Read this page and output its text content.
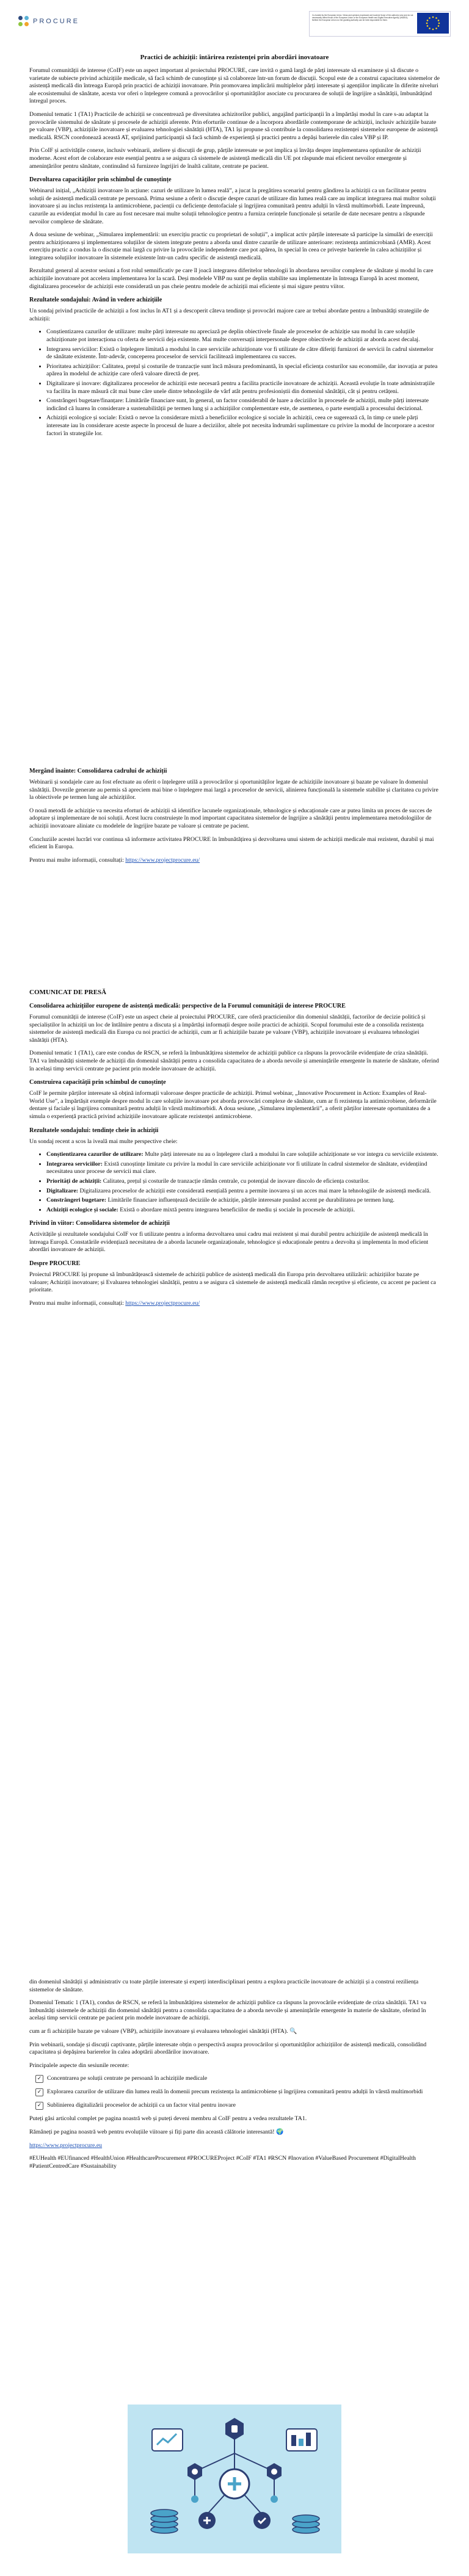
PROCURE
Co-funded by the European Union. Views and opinions expressed are however those of the author(s) only and do not necessarily reflect those of the European Union or the European Health and Digital Executive Agency (HaDEA). Neither the European Union nor the granting authority can be held responsible for them.
Practici de achiziții: întărirea rezistenței prin abordări inovatoare

Forumul comunității de interese (CoIF) este un aspect important al proiectului PROCURE, care invită o gamă largă de părți interesate să examineze și să discute o varietate de subiecte privind achizițiile medicale, să facă schimb de cunoștințe și să colaboreze într-un forum de discuții. Scopul este de a construi capacitatea sistemelor de asistență medicală din întreaga Europă prin practici de achiziții inovatoare. Prin promovarea implicării multiplelor părți interesate și agențiilor implicate în diferite niveluri ale ecosistemului de sănătate, acesta vor oferi o înțelegere comună a provocărilor și oportunităților asociate cu procurarea de soluții de îngrijire a sănătății, îmbunătățind întregul proces.

Domeniul tematic 1 (TA1) Practicile de achiziții se concentrează pe diversitatea achizitorilor publici, angajând participanții în a împărtăși modul în care s-au adaptat la provocările sistemului de sănătate și procesele de achiziții aferente. Prin eforturile continue de a încorpora abordările contemporane de achiziții, inclusiv achizițiile bazate pe valoare (VBP), achizițiile inovatoare și evaluarea tehnologiei sănătății (HTA), TA1 își propune să contribuie la consolidarea rezistenței sistemelor europene de asistență medicală. RSCN coordonează această AT, sprijinind participanții să facă schimb de experiență și practici pentru a depăși barierele din calea VBP și IP.

Prin CoIF și activitățile conexe, inclusiv webinarii, ateliere și discuții de grup, părțile interesate se pot implica și învăța despre implementarea opțiunilor de achiziții moderne. Acest efort de colaborare este esențial pentru a se asigura că sistemele de asistență medicală din UE pot răspunde mai eficient nevoilor emergente și amenințărilor pentru sănătate, continuând să furnizeze îngrijiri de înaltă calitate, centrate pe pacient.

Dezvoltarea capacităților prin schimbul de cunoștințe

Webinarul inițial, „Achiziții inovatoare în acțiune: cazuri de utilizare în lumea reală”, a jucat la pregătirea scenariul pentru gândirea la achiziții ca un facilitator pentru soluții de asistență medicală centrate pe persoană. Prima sesiune a oferit o discuție despre cazuri de utilizare din lumea reală care au implicat integrarea mai multor soluții inovatoare și au inclus rezistența la antimicrobiene, pacienții cu deficiențe dentofaciale și îngrijirea comunitară pentru adulții în vârstă multimorbidi. Leate împreună, cazurile au evidențiat modul în care au fost necesare mai multe soluții tehnologice pentru a furniza cerințele funcționale și setarile de date necesare pentru a răspunde nevoilor complexe de sănătate.

A doua sesiune de webinar, „Simularea implementării: un exercițiu practic cu proprietari de soluții”, a implicat activ părțile interesate să participe la simulări de exerciții pentru achiziționarea și implementarea soluțiilor de sistem integrate pentru a aborda unul dintre cazurile de utilizare anterioare: rezistența antimicrobiană (AMR). Acest exercițiu practic a condus la o discuție mai largă cu privire la provocările independente care pot apărea, în special în ceea ce privește barierele în calea achizițiilor și integrarea soluțiilor inovatoare în sistemele existente într-un cadru specific de asistență medicală.

Rezultatul general al acestor sesiuni a fost rolul semnificativ pe care îl joacă integrarea diferitelor tehnologii în abordarea nevoilor complexe de sănătate și modul în care achizițiile inovatoare pot accelera implementarea lor la scară. Deși modelele VBP nu sunt pe deplin stabilite sau implementate în întreaga Europă în acest moment, digitalizarea proceselor de achiziții este considerată un pas cheie pentru modele de achiziții mai eficiente și mai sigure pentru viitor.

Rezultatele sondajului: Având în vedere achizițiile

Un sondaj privind practicile de achiziții a fost inclus în AT1 și a descoperit câteva tendințe și provocări majore care ar trebui abordate pentru a îmbunătăți strategiile de achiziții:

• Conștientizarea cazurilor de utilizare: multe părți interesate nu apreciază pe deplin obiectivele finale ale proceselor de achiziție sau modul în care soluțiile achiziționate pot interacționa cu oferta de servicii deja existente. Mai multe conversații interpersonale despre obiectivele de achiziții ar aborda acest decalaj.
• Integrarea serviciilor: Există o înțelegere limitată a modului în care serviciile achiziționate vor fi utilizate de către diferiți furnizori de servicii în cadrul sistemelor de sănătate existente. Într-adevăr, conceperea proceselor de servicii facilitează implementarea cu succes.
• Prioritatea achizițiilor: Calitatea, prețul și costurile de tranzacție sunt încă măsura predominantă, în special eficiența costurilor sau economiile, dar inovația ar putea apărea în modelul de achiziție care oferă valoare directă de preț.
• Digitalizare și inovare: digitalizarea proceselor de achiziții este necesară pentru a facilita practicile inovatoare de achiziții. Această evoluție în toate administrațiile va facilita în mare măsură cât mai bune căre unele dintre tehnologiile de vârf atât pentru profesioniștii din domeniul sănătății, cât și pentru cetățeni.
• Constrângeri bugetare/finanțare: Limitările financiare sunt, în general, un factor considerabil de luare a deciziilor în procesele de achiziții, multe părți interesate indicând că luarea în considerare a sustenabilității pe termen lung și a achizițiilor complementare este, de asemenea, o parte esențială a procesului decizional.
• Achiziții ecologice și sociale: Există o nevoe la considerare mixtă a beneficiilor ecologice și sociale în achiziții, ceea ce sugerează că, în timp ce unele părți interesate iau în considerare aceste aspecte în procesul de luare a deciziilor, altele pot necesita îndrumări suplimentare cu privire la modul de încorporare a acestor factori în strategiile lor.
Mergând înainte: Consolidarea cadrului de achiziții

Webinarii și sondajele care au fost efectuate au oferit o înțelegere utilă a provocărilor și oportunităților legate de achizițiile inovatoare și bazate pe valoare în domeniul sănătății. Dovezile generate au permis să apreciem mai bine o înțelegere mai largă a proceselor de servicii, alinierea funcțională la sistemele stabilite și claritatea cu privire la obiectivele pe termen lung ale achizițiilor.

O nouă metodă de achiziție va necesita eforturi de achiziții să identifice lacunele organizaționale, tehnologice și educaționale care ar putea limita un proces de succes de adoptare și implementare de noi soluții. Acest lucru construiește în mod important capacitatea sistemelor de îngrijire a sănătății pentru implementarea metodologiilor de achiziții inovatoare aliniate cu modelele de îngrijire bazate pe valoare și centrate pe pacient.

Concluziile acestei lucrări vor continua să informeze activitatea PROCURE în îmbunătățirea și dezvoltarea unui sistem de achiziții medicale mai rezistent, durabil și mai eficient în Europa.

Pentru mai multe informații, consultați: https://www.projectprocure.eu/

COMUNICAT DE PRESĂ
Consolidarea achizițiilor europene de asistență medicală: perspective de la Forumul comunității de interese PROCURE

Forumul comunității de interese (CoIF) este un aspect cheie al proiectului PROCURE, care oferă practicienilor din domeniul sănătății, factorilor de decizie politică și specialiștilor în achiziții un loc de întâlnire pentru a discuta și a împărtăși informații despre noile practici de achiziții. Scopul forumului este de a consolida rezistența sistemelor de asistență medicală din Europa cu noi practici de achiziții, cum ar fi achizițiile bazate pe valoare (VBP), achizițiile inovatoare și evaluarea tehnologiei sănătății (HTA).

Domeniul tematic 1 (TA1), care este condus de RSCN, se referă la îmbunătățirea sistemelor de achiziții publice ca răspuns la provocările evidențiate de criza sănătății. TA1 va îmbunătăți sistemele de achiziții din domeniul sănătății pentru a consolida capacitatea de a aborda nevoile și amenințările emergente în materie de sănătate, oferind în același timp servicii centrate pe pacient prin modele inovatoare de achiziții.

Construirea capacității prin schimbul de cunoștințe

CoIF le permite părților interesate să obțină informații valoroase despre practicile de achiziții. Primul webinar, „Innovative Procurement in Action: Examples of Real-World Use”, a împărtășit exemple despre modul în care soluțiile inovatoare pot aborda provocări complexe de sănătate, cum ar fi rezistența la antimicrobiene, deformările dentare și faciale și îngrijirea comunitară pentru adulții în vârstă multimorbidi. A doua sesiune, „Simularea implementării”, a oferit părților interesate oportunitatea de a simula o experiență practică privind achizițiile inovatoare aplicate rezistenței antimicrobiene.

Rezultatele sondajului: tendințe cheie în achiziții

Un sondaj recent a scos la iveală mai multe perspective cheie:

• Conștientizarea cazurilor de utilizare: Multe părți interesate nu au o înțelegere clară a modului în care soluțiile achiziționate se vor integra cu serviciile existente.
• Integrarea serviciilor: Există cunoștințe limitate cu privire la modul în care serviciile achiziționate vor fi utilizate în cadrul sistemelor de sănătate, evidențiind necesitatea unor procese de servicii mai clare.
• Priorități de achiziții: Calitatea, prețul și costurile de tranzacție rămân centrale, cu potențial de inovare dincolo de eficiența costurilor.
• Digitalizare: Digitalizarea proceselor de achiziții este considerată esențială pentru a permite inovarea și un acces mai mare la tehnologiile de asistență medicală.
• Constrângeri bugetare: Limitările financiare influențează deciziile de achiziție, părțile interesate punând accent pe durabilitatea pe termen lung.
• Achiziții ecologice și sociale: Există o abordare mixtă pentru integrarea beneficiilor de mediu și sociale în procesele de achiziții.
Privind în viitor: Consolidarea sistemelor de achiziții

Activitățile și rezultatele sondajului CoIF vor fi utilizate pentru a informa dezvoltarea unui cadru mai rezistent și mai durabil pentru achizițiile de asistență medicală în întreaga Europă. Constatările evidențiază necesitatea de a aborda lacunele organizaționale, tehnologice și educaționale pentru a dezvolta și implementa în mod eficient abordări inovatoare de achiziții.

Despre PROCURE

Proiectul PROCURE își propune să îmbunătățească sistemele de achiziții publice de asistență medicală din Europa prin dezvoltarea utilizării: achizițiilor bazate pe valoare; Achiziții inovatoare; și Evaluarea tehnologiei sănătății, pentru a se asigura că sistemele de asistență medicală rămân receptive și eficiente, cu accent pe pacient ca prioritate.

Pentru mai multe informații, consultați: https://www.projectprocure.eu/

din domeniul sănătății și administrativ cu toate părțile interesate și experți interdisciplinari pentru a explora practicile inovatoare de achiziții și a construi reziliența sistemelor de sănătate.

Domeniul Tematic 1 (TA1), condus de RSCN, se referă la îmbunătățirea sistemelor de achiziții publice ca răspuns la provocările evidențiate de criza sănătății. TA1 va îmbunătăți sistemele de achiziții din domeniul sănătății pentru a consolida capacitatea de a aborda nevoile și amenințările emergente în materie de sănătate, oferind în același timp servicii centrate pe pacient prin modele inovatoare de achiziții.

cum ar fi achizițiile bazate pe valoare (VBP), achizițiile inovatoare și evaluarea tehnologiei sănătății (HTA). 🔍

Prin webinarii, sondaje și discuții captivante, părțile interesate obțin o perspectivă asupra provocărilor și oportunităților achizițiilor de asistență medicală, consolidând capacitatea și depășirea barierelor în calea adoptării abordărilor inovatoare.

Principalele aspecte din sesiunile recente:

✓ Concentrarea pe soluții centrate pe persoană în achizițiile medicale
✓ Explorarea cazurilor de utilizare din lumea reală în domenii precum rezistența la antimicrobiene și îngrijirea comunitară pentru adulții în vârstă multimorbidi
✓ Sublinierea digitalizării proceselor de achiziții ca un factor vital pentru inovare

Puteți găsi articolul complet pe pagina noastră web și puteți deveni membru al CoIF pentru a vedea rezultatele TA1.

Rămâneți pe pagina noastră web pentru evoluțiile viitoare și fiți parte din această călătorie interesantă! 🌍

https://www.projectprocure.eu

#EUHealth #EUfinanced #HealthUnion #HealthcareProcurement #PROCUREProject #CoIF #TA1 #RSCN #Inovation #ValueBased Procurement #DigitalHealth #PatientCentredCare #Sustainability
